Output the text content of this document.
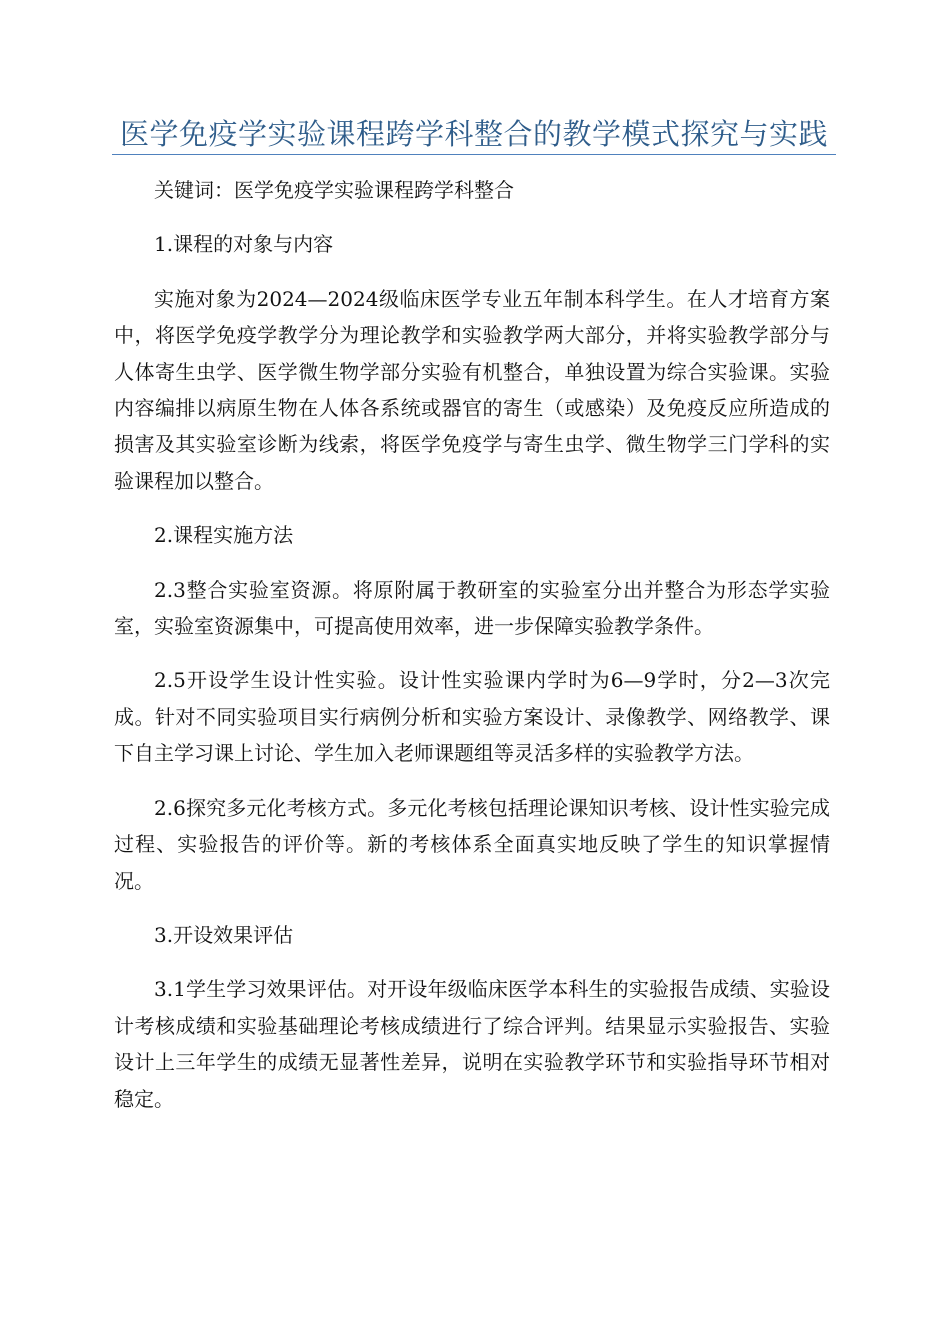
医学免疫学实验课程跨学科整合的教学模式探究与实践

关键词：医学免疫学实验课程跨学科整合

1.课程的对象与内容

实施对象为2024—2024级临床医学专业五年制本科学生。在人才培育方案中，将医学免疫学教学分为理论教学和实验教学两大部分，并将实验教学部分与人体寄生虫学、医学微生物学部分实验有机整合，单独设置为综合实验课。实验内容编排以病原生物在人体各系统或器官的寄生（或感染）及免疫反应所造成的损害及其实验室诊断为线索，将医学免疫学与寄生虫学、微生物学三门学科的实验课程加以整合。

2.课程实施方法

2.3整合实验室资源。将原附属于教研室的实验室分出并整合为形态学实验室，实验室资源集中，可提高使用效率，进一步保障实验教学条件。

2.5开设学生设计性实验。设计性实验课内学时为6—9学时，分2—3次完成。针对不同实验项目实行病例分析和实验方案设计、录像教学、网络教学、课下自主学习课上讨论、学生加入老师课题组等灵活多样的实验教学方法。

2.6探究多元化考核方式。多元化考核包括理论课知识考核、设计性实验完成过程、实验报告的评价等。新的考核体系全面真实地反映了学生的知识掌握情况。

3.开设效果评估

3.1学生学习效果评估。对开设年级临床医学本科生的实验报告成绩、实验设计考核成绩和实验基础理论考核成绩进行了综合评判。结果显示实验报告、实验设计上三年学生的成绩无显著性差异，说明在实验教学环节和实验指导环节相对稳定。
